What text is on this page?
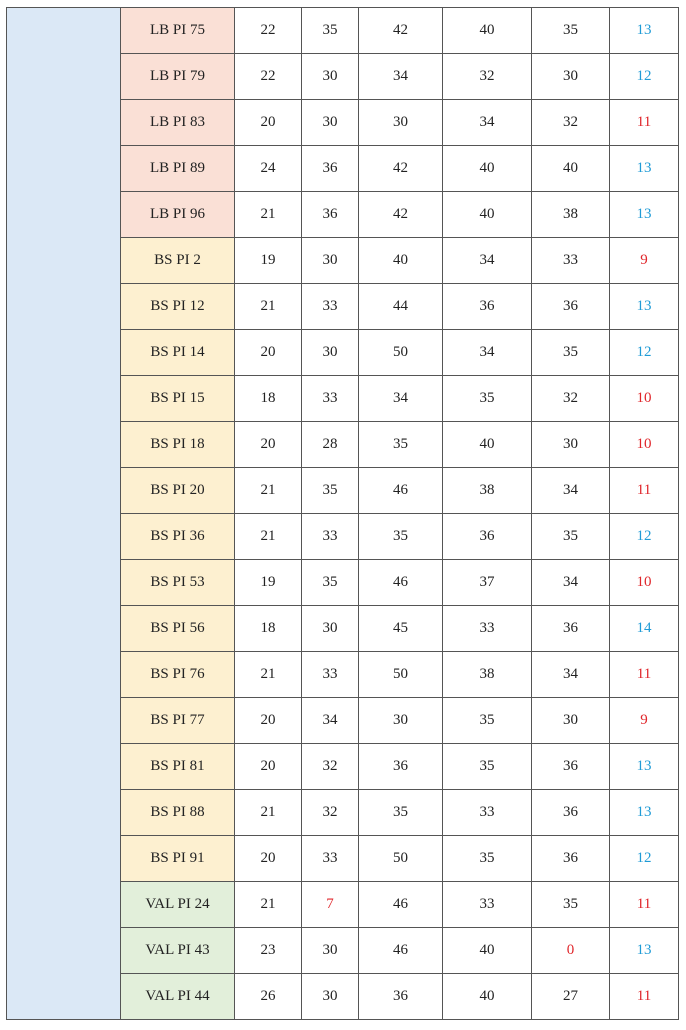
	LB PI 75	22	35	42	40	35	13
	LB PI 79	22	30	34	32	30	12
	LB PI 83	20	30	30	34	32	11
	LB PI 89	24	36	42	40	40	13
	LB PI 96	21	36	42	40	38	13
	BS PI 2	19	30	40	34	33	9
	BS PI 12	21	33	44	36	36	13
	BS PI 14	20	30	50	34	35	12
	BS PI 15	18	33	34	35	32	10
	BS PI 18	20	28	35	40	30	10
	BS PI 20	21	35	46	38	34	11
	BS PI 36	21	33	35	36	35	12
	BS PI 53	19	35	46	37	34	10
	BS PI 56	18	30	45	33	36	14
	BS PI 76	21	33	50	38	34	11
	BS PI 77	20	34	30	35	30	9
	BS PI 81	20	32	36	35	36	13
	BS PI 88	21	32	35	33	36	13
	BS PI 91	20	33	50	35	36	12
	VAL PI 24	21	7	46	33	35	11
	VAL PI 43	23	30	46	40	0	13
	VAL PI 44	26	30	36	40	27	11
